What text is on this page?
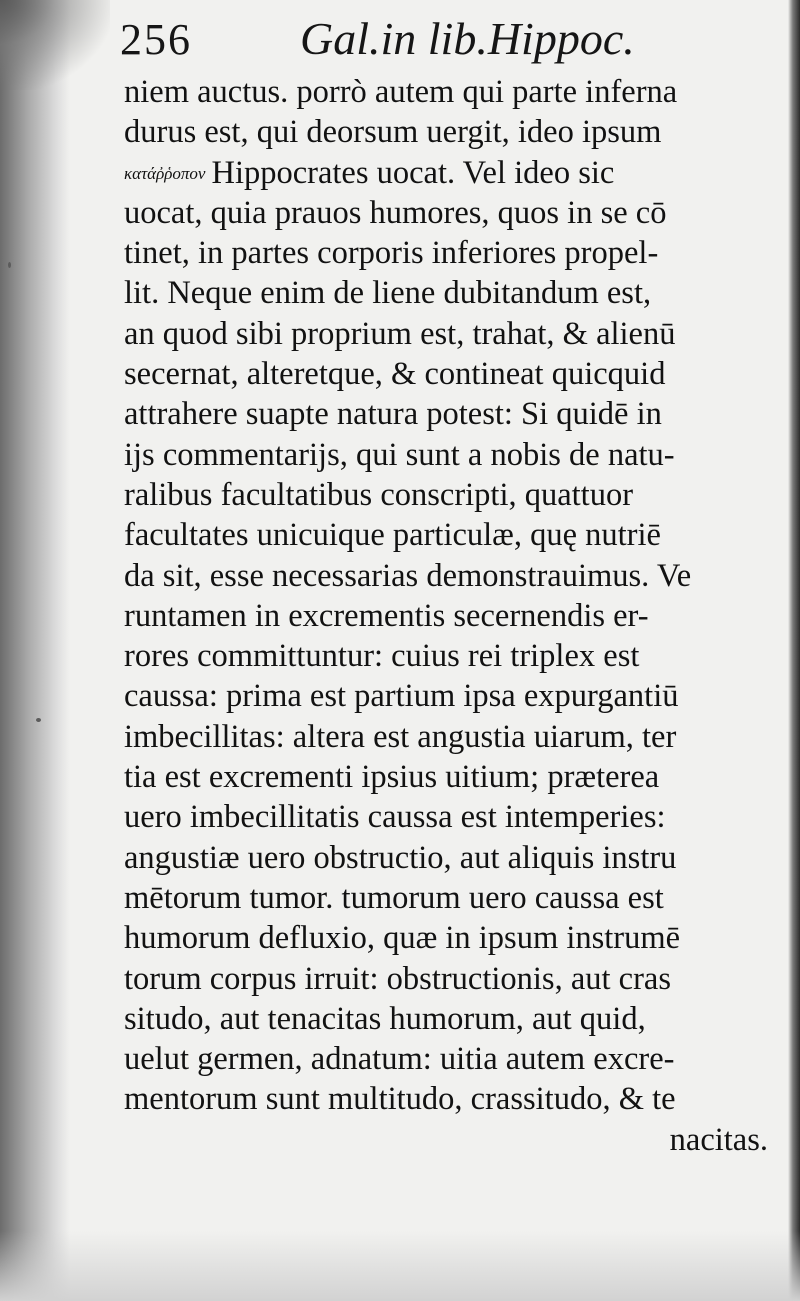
256 Gal.in lib.Hippoc.
niem auctus. porrò autem qui parte inferna
durus est, qui deorsum uergit, ideo ipsum
κατάῤῥοπον Hippocrates uocat. Vel ideo sic
uocat, quia prauos humores, quos in se cō
tinet, in partes corporis inferiores propel-
lit. Neque enim de liene dubitandum est,
an quod sibi proprium est, trahat, & alienū
secernat, alteretque, & contineat quicquid
attrahere suapte natura potest: Si quidē in
ijs commentarijs, qui sunt a nobis de natu-
ralibus facultatibus conscripti, quattuor
facultates unicuique particulæ, quę nutriē
da sit, esse necessarias demonstrauimus. Ve
runtamen in excrementis secernendis er-
rores committuntur: cuius rei triplex est
caussa: prima est partium ipsa expurgantiū
imbecillitas: altera est angustia uiarum, ter
tia est excrementi ipsius uitium; præterea
uero imbecillitatis caussa est intemperies:
angustiæ uero obstructio, aut aliquis instru
mētorum tumor. tumorum uero caussa est
humorum defluxio, quæ in ipsum instrumē
torum corpus irruit: obstructionis, aut cras
situdo, aut tenacitas humorum, aut quid,
uelut germen, adnatum: uitia autem excre-
mentorum sunt multitudo, crassitudo, & te
nacitas.
